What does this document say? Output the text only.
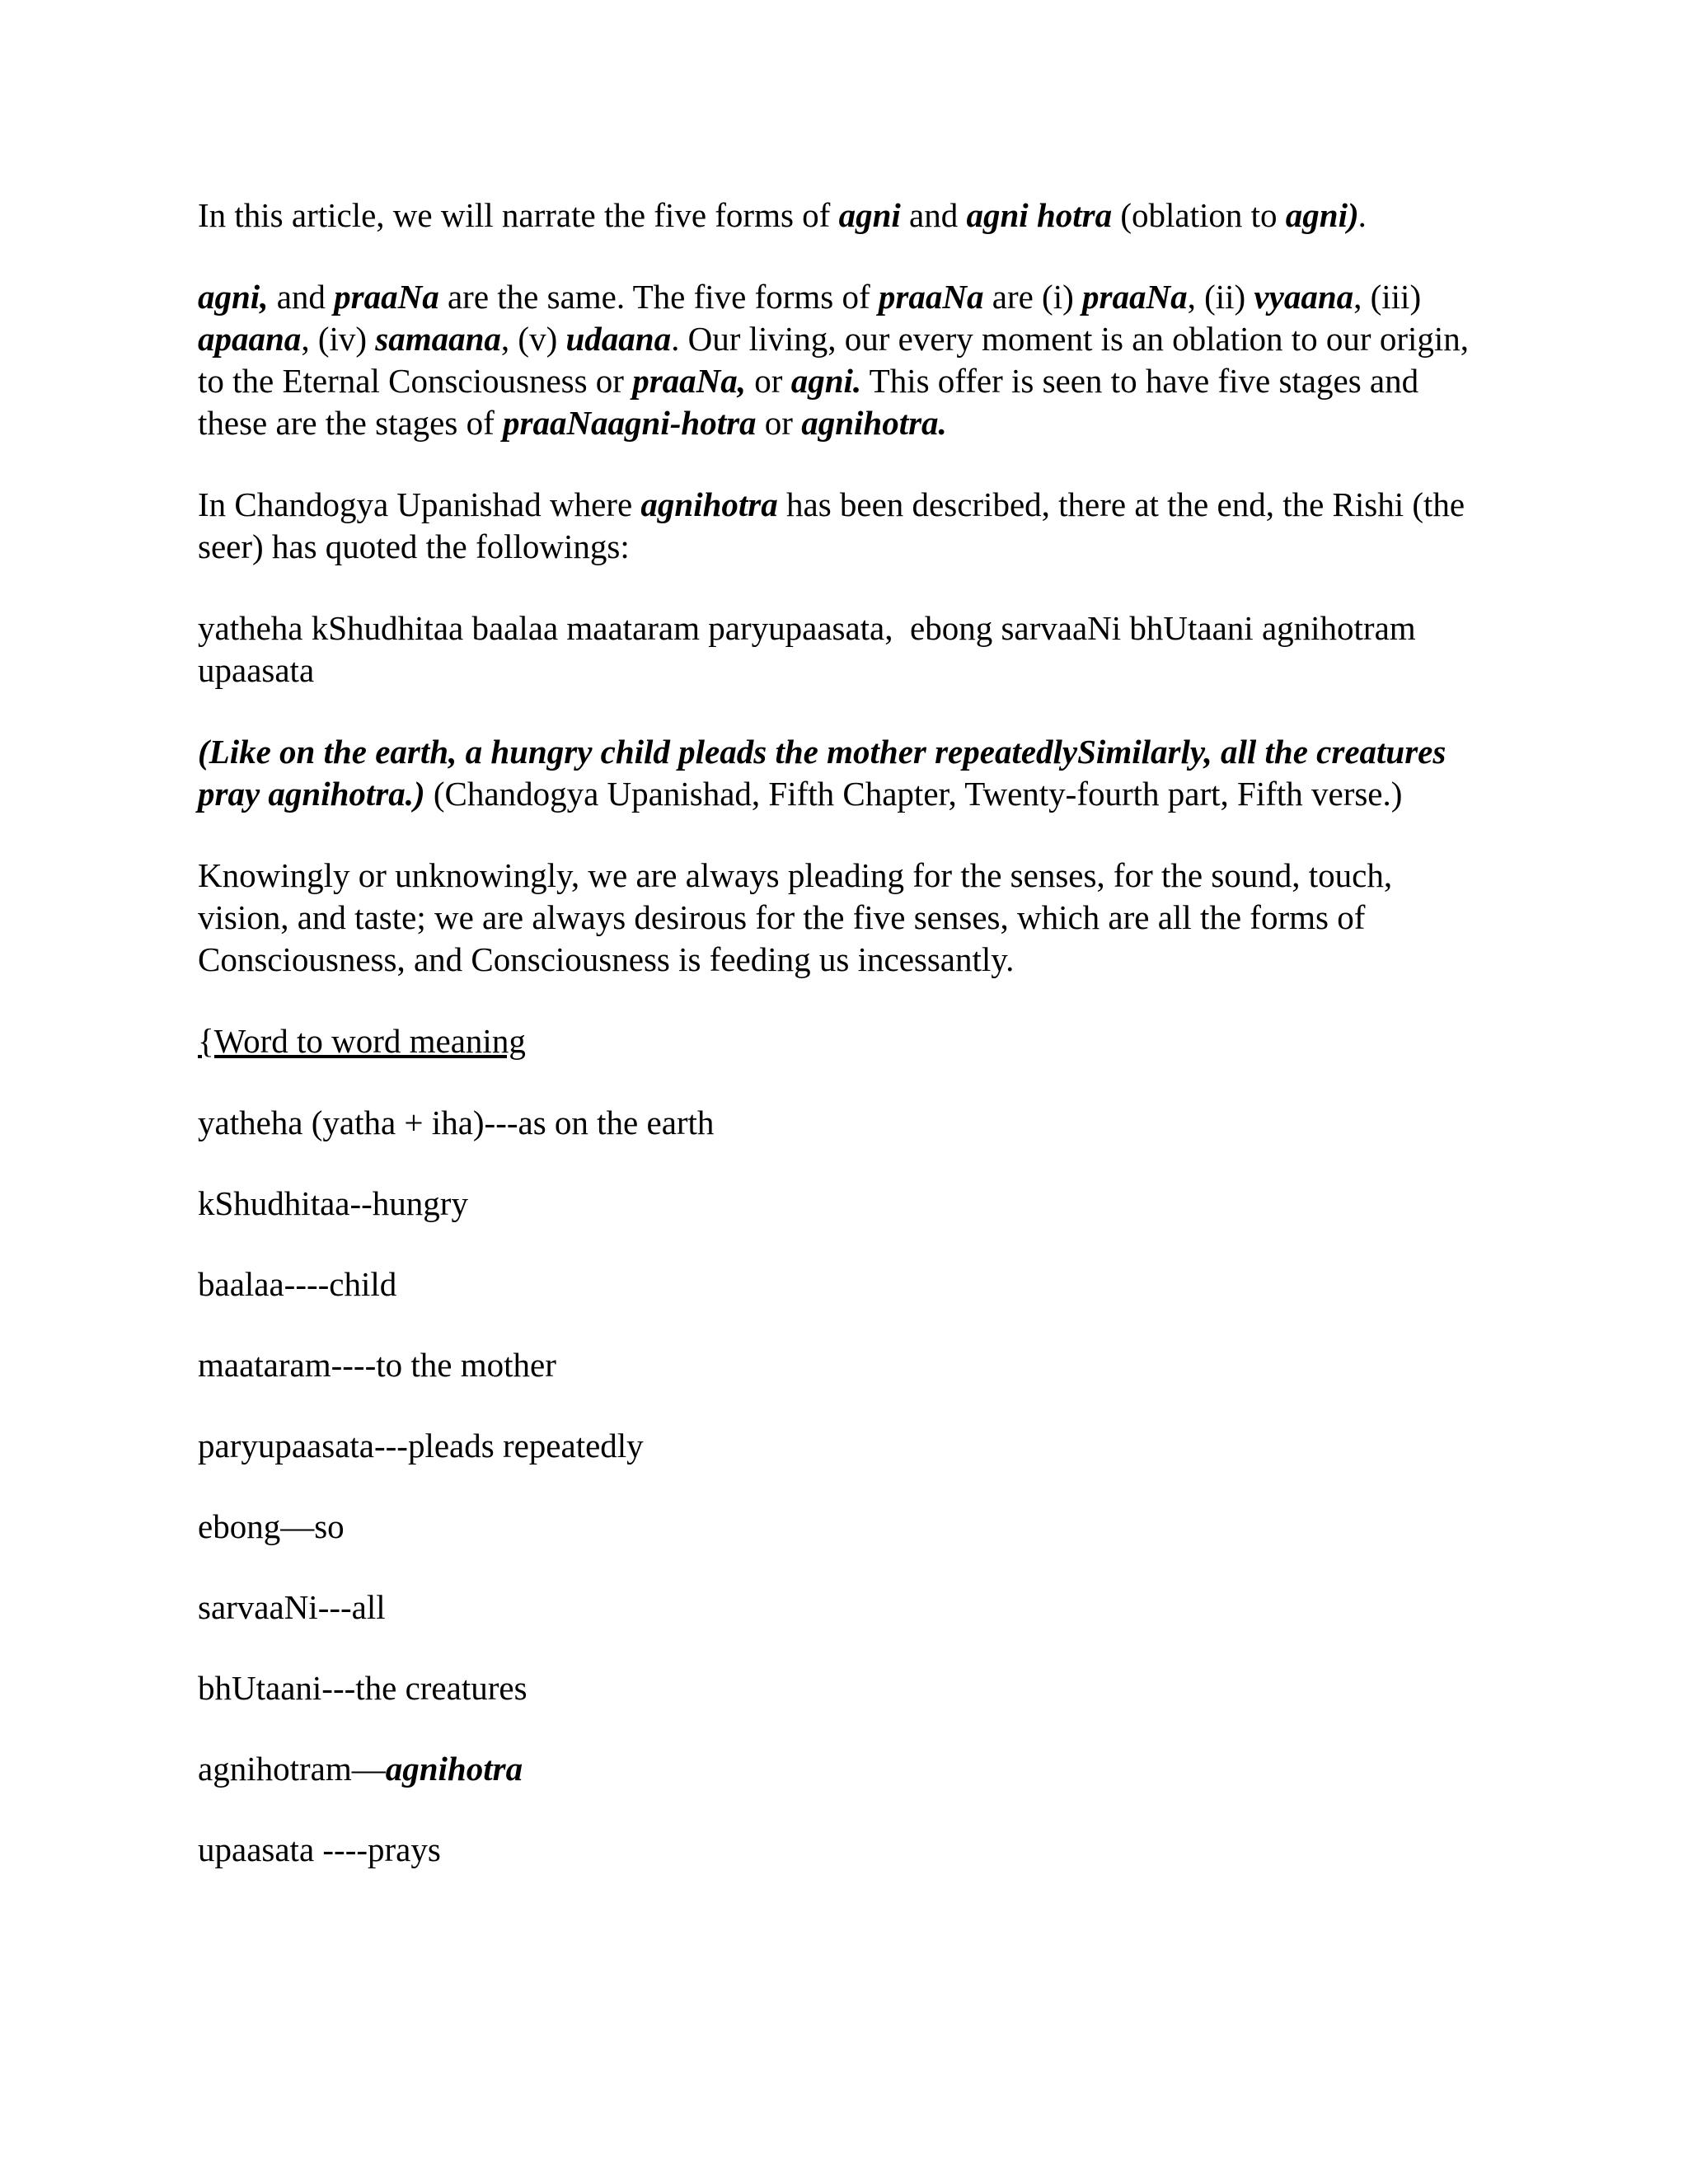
In this article, we will narrate the five forms of agni and agni hotra (oblation to agni).

agni, and praaNa are the same. The five forms of praaNa are (i) praaNa, (ii) vyaana, (iii) apaana, (iv) samaana, (v) udaana. Our living, our every moment is an oblation to our origin, to the Eternal Consciousness or praaNa, or agni. This offer is seen to have five stages and these are the stages of praaNaagni-hotra or agnihotra.

In Chandogya Upanishad where agnihotra has been described, there at the end, the Rishi (the seer) has quoted the followings:

yatheha kShudhitaa baalaa maataram paryupaasata,  ebong sarvaaNi bhUtaani agnihotram upaasata

(Like on the earth, a hungry child pleads the mother repeatedlySimilarly, all the creatures pray agnihotra.) (Chandogya Upanishad, Fifth Chapter, Twenty-fourth part, Fifth verse.)

Knowingly or unknowingly, we are always pleading for the senses, for the sound, touch, vision, and taste; we are always desirous for the five senses, which are all the forms of Consciousness, and Consciousness is feeding us incessantly.

{Word to word meaning

yatheha (yatha + iha)---as on the earth

kShudhitaa--hungry

baalaa----child

maataram----to the mother

paryupaasata---pleads repeatedly

ebong—so

sarvaaNi---all

bhUtaani---the creatures

agnihotram—agnihotra

upaasata ----prays
